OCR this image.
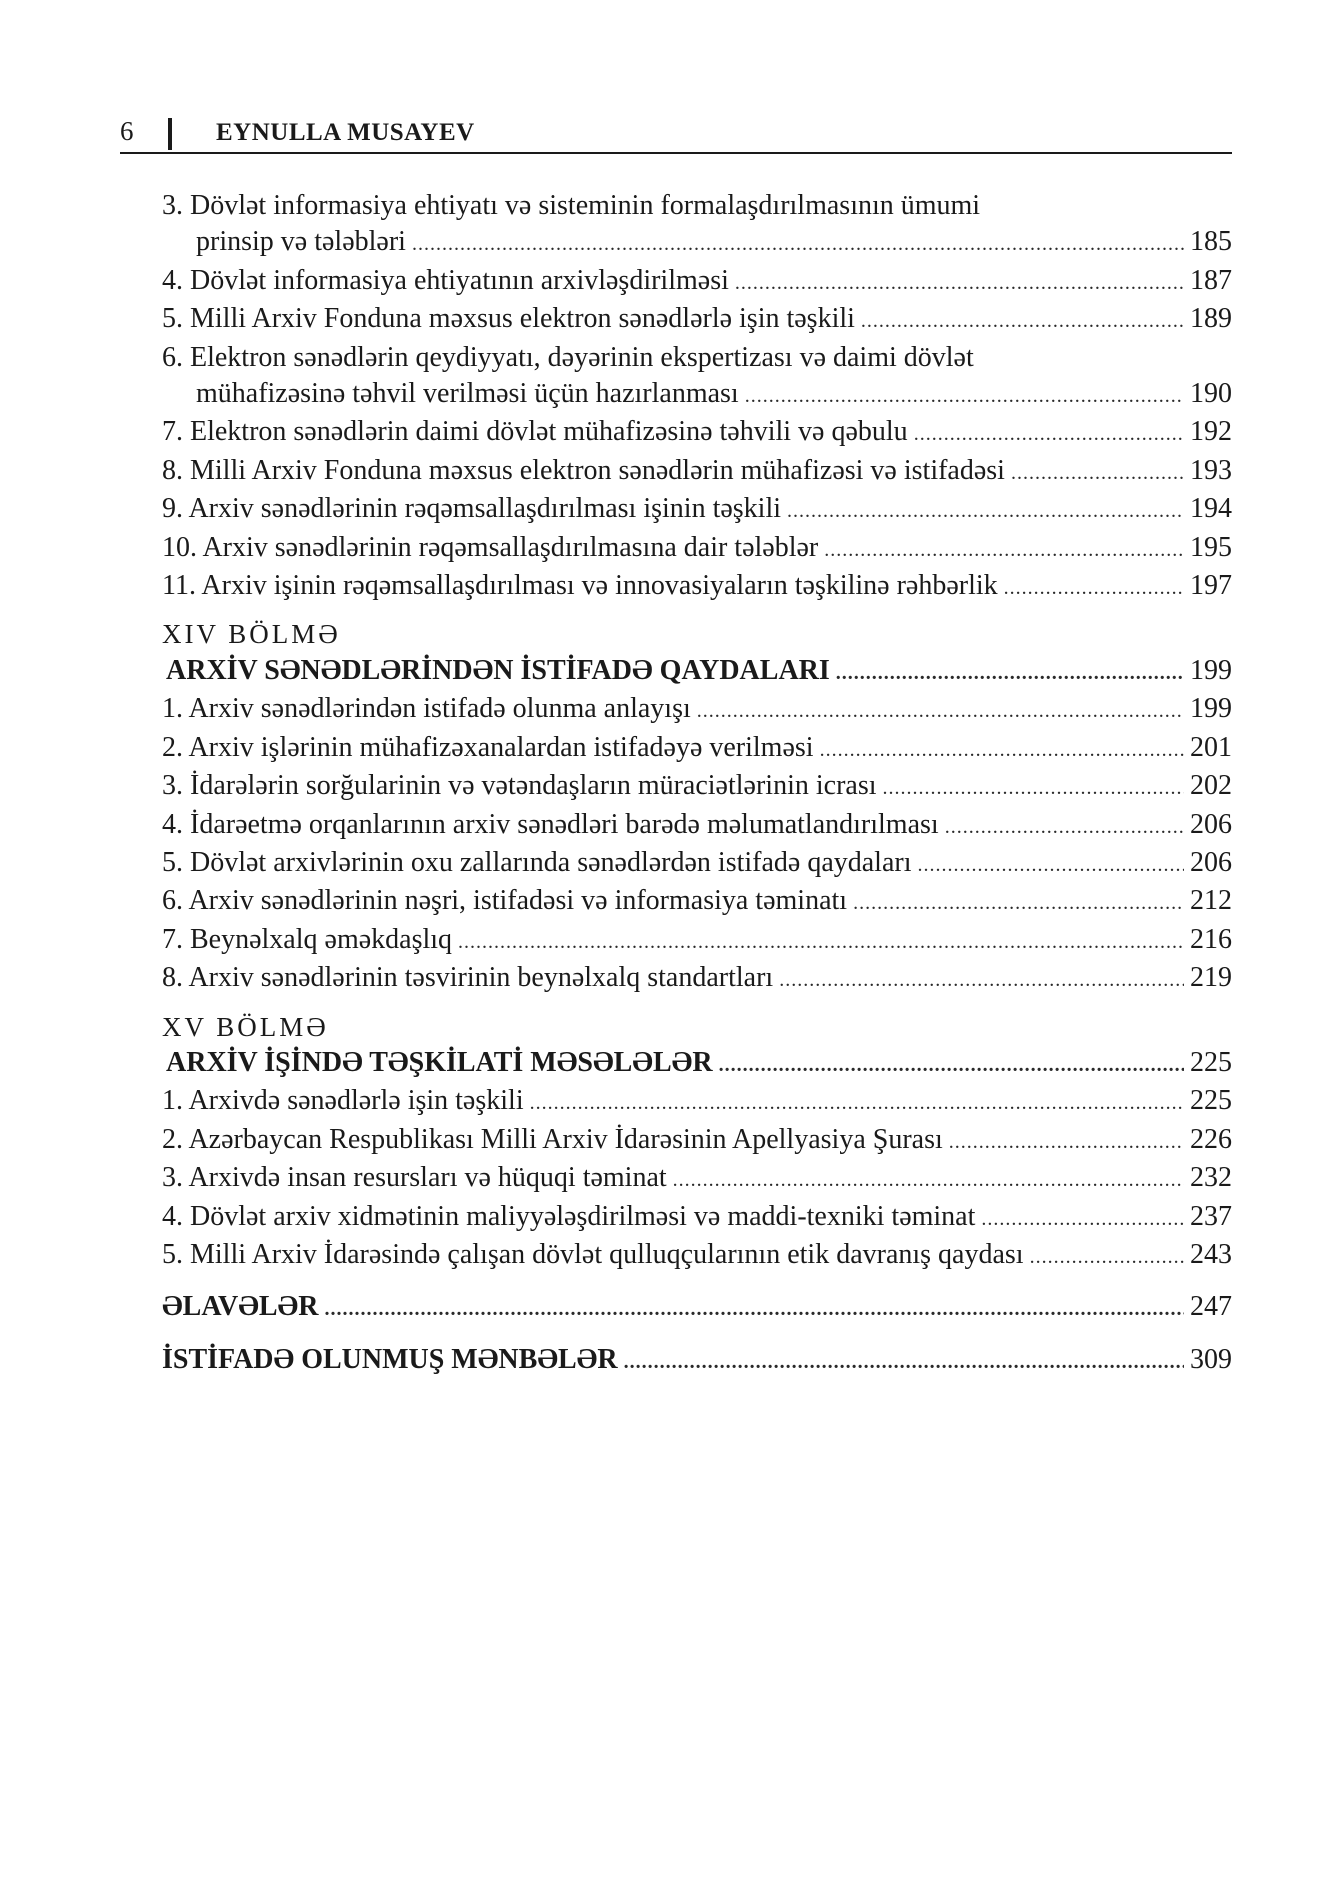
6	EYNULLA MUSAYEV
3. Dövlət informasiya ehtiyatı və sisteminin formalaşdırılmasının ümumi
prinsip və tələbləri .....	185
4. Dövlət informasiya ehtiyatının arxivləşdirilməsi .....	187
5. Milli Arxiv Fonduna məxsus elektron sənədlərlə işin təşkili .....	189
6. Elektron sənədlərin qeydiyyatı, dəyərinin ekspertizası və daimi dövlət
mühafizəsinə təhvil verilməsi üçün hazırlanması .....	190
7. Elektron sənədlərin daimi dövlət mühafizəsinə təhvili və qəbulu .....	192
8. Milli Arxiv Fonduna məxsus elektron sənədlərin mühafizəsi və istifadəsi .....	193
9. Arxiv sənədlərinin rəqəmsallaşdırılması işinin təşkili .....	194
10. Arxiv sənədlərinin rəqəmsallaşdırılmasına dair tələblər .....	195
11. Arxiv işinin rəqəmsallaşdırılması və innovasiyaların təşkilinə rəhbərlik .....	197
XIV BÖLMƏ
ARXİV SƏNƏDLƏRİNDƏN İSTİFADƏ QAYDALARI .....	199
1. Arxiv sənədlərindən istifadə olunma anlayışı .....	199
2. Arxiv işlərinin mühafizəxanalardan istifadəyə verilməsi .....	201
3. İdarələrin sorğularinin və vətəndaşların müraciətlərinin icrası .....	202
4. İdarəetmə orqanlarının arxiv sənədləri barədə məlumatlandırılması .....	206
5. Dövlət arxivlərinin oxu zallarında sənədlərdən istifadə qaydaları .....	206
6. Arxiv sənədlərinin nəşri, istifadəsi və informasiya təminatı .....	212
7. Beynəlxalq əməkdaşlıq .....	216
8. Arxiv sənədlərinin təsvirinin beynəlxalq standartları .....	219
XV BÖLMƏ
ARXİV İŞİNDƏ TƏŞKİLATİ MƏSƏLƏLƏR .....	225
1. Arxivdə sənədlərlə işin təşkili .....	225
2. Azərbaycan Respublikası Milli Arxiv İdarəsinin Apellyasiya Şurası .....	226
3. Arxivdə insan resursları və hüquqi təminat .....	232
4. Dövlət arxiv xidmətinin maliyyələşdirilməsi və maddi-texniki təminat .....	237
5. Milli Arxiv İdarəsində çalışan dövlət qulluqçularının etik davranış qaydası .....	243
ƏLAVƏLƏR .....	247
İSTİFADƏ OLUNMUŞ MƏNBƏLƏR .....	309
